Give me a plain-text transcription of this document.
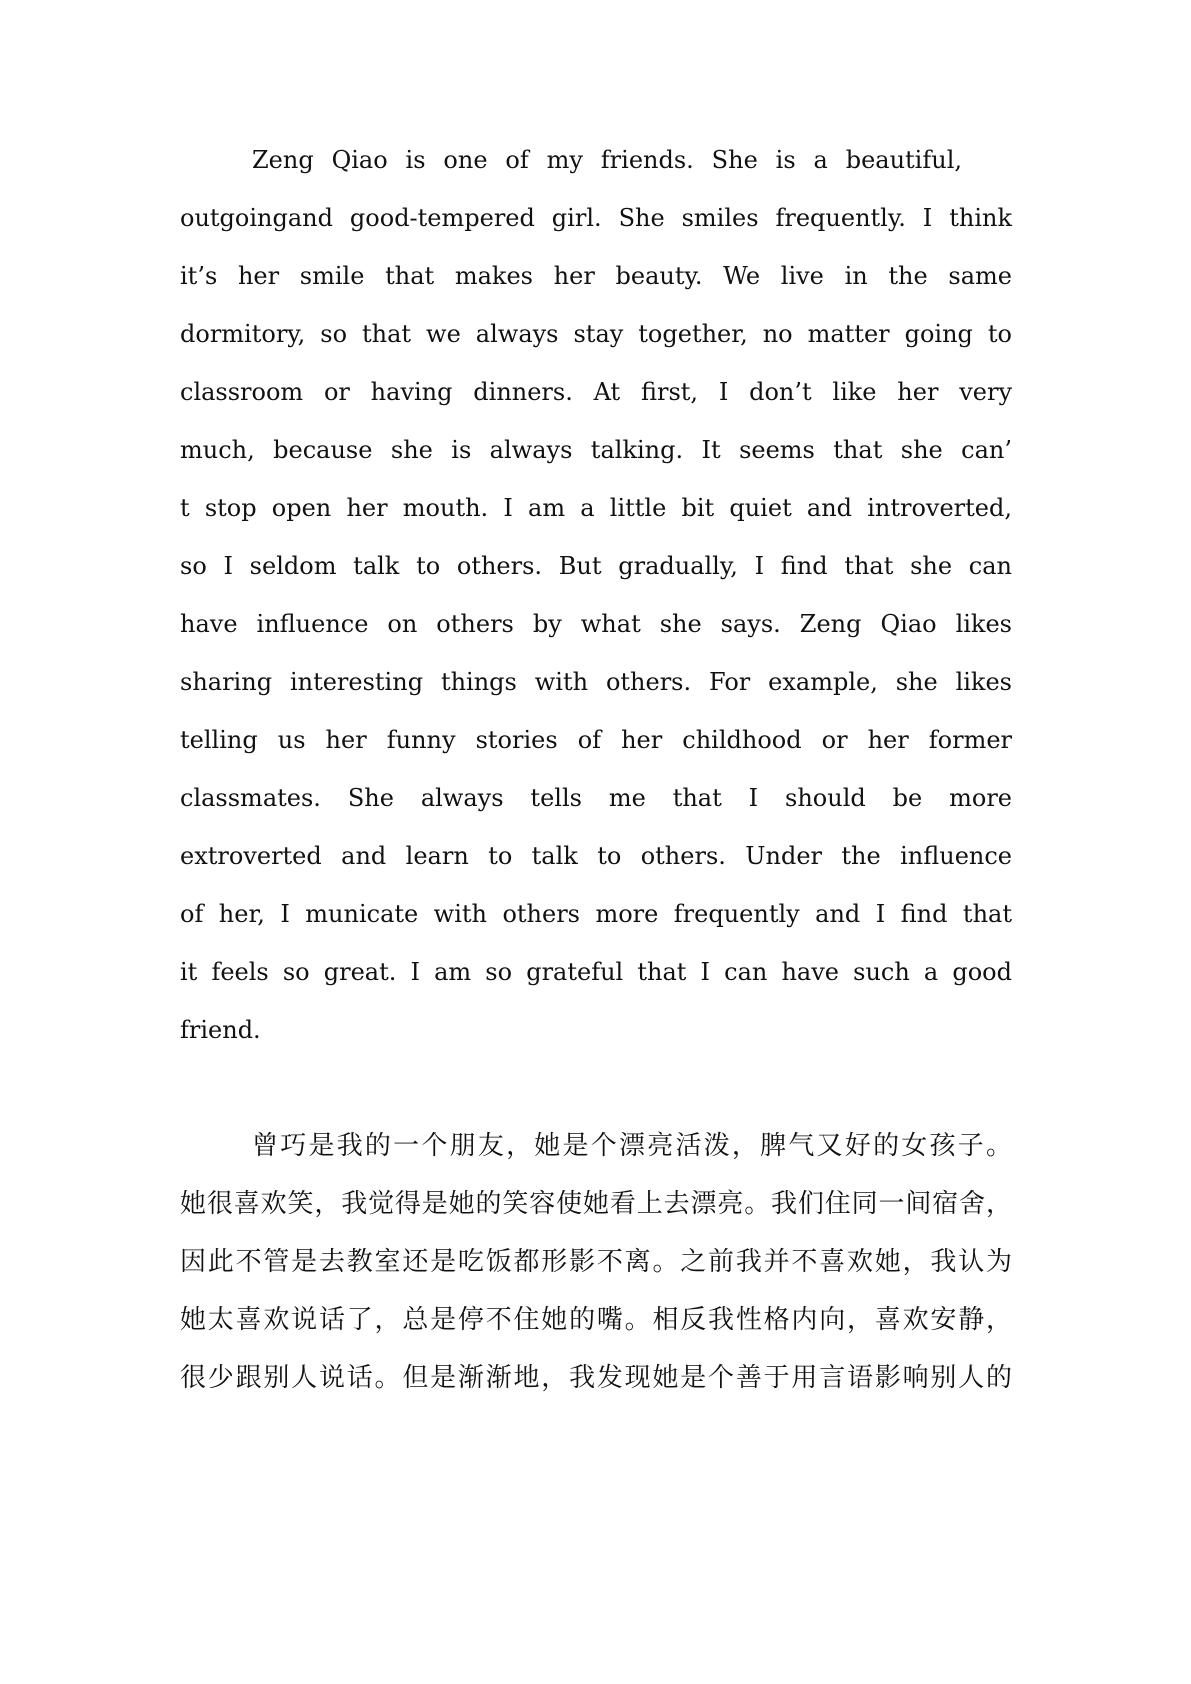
Zeng Qiao is one of my friends. She is a beautiful,
outgoingand good-tempered girl. She smiles frequently. I think
it’s her smile that makes her beauty. We live in the same
dormitory, so that we always stay together, no matter going to
classroom or having dinners. At first, I don’t like her very
much, because she is always talking. It seems that she can’
t stop open her mouth. I am a little bit quiet and introverted,
so I seldom talk to others. But gradually, I find that she can
have influence on others by what she says. Zeng Qiao likes
sharing interesting things with others. For example, she likes
telling us her funny stories of her childhood or her former
classmates. She always tells me that I should be more
extroverted and learn to talk to others. Under the influence
of her, I municate with others more frequently and I find that
it feels so great. I am so grateful that I can have such a good
friend.
曾巧是我的一个朋友，她是个漂亮活泼，脾气又好的女孩子。
她很喜欢笑，我觉得是她的笑容使她看上去漂亮。我们住同一间宿舍，
因此不管是去教室还是吃饭都形影不离。之前我并不喜欢她，我认为
她太喜欢说话了，总是停不住她的嘴。相反我性格内向，喜欢安静，
很少跟别人说话。但是渐渐地，我发现她是个善于用言语影响别人的
